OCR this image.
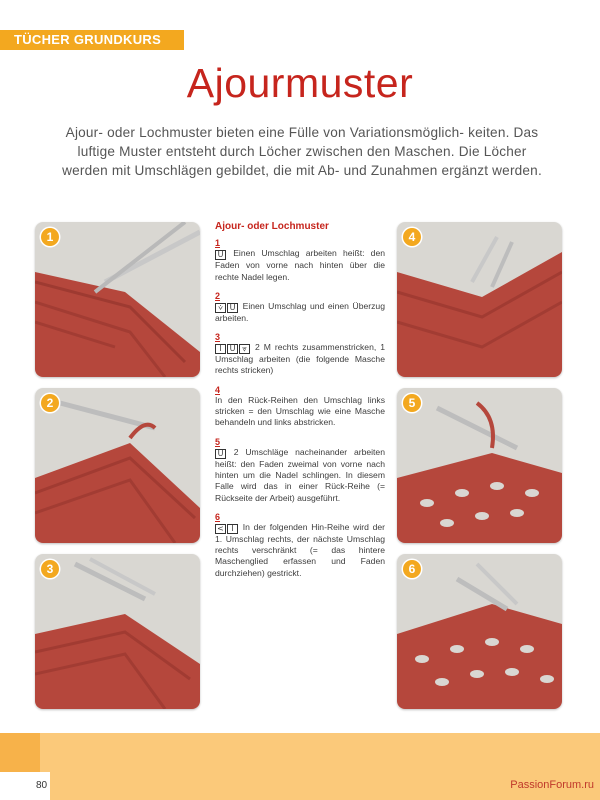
TÜCHER GRUNDKURS
Ajourmuster

Ajour- oder Lochmuster bieten eine Fülle von Variationsmöglich- keiten. Das luftige Muster entsteht durch Löcher zwischen den Maschen. Die Löcher werden mit Umschlägen gebildet, die mit Ab- und Zunahmen ergänzt werden.

1
2
3
4
5
6
Ajour- oder Lochmuster
1
U Einen Umschlag arbeiten heißt: den Faden von vorne nach hinten über die rechte Nadel legen.
2
⩒ U Einen Umschlag und einen Überzug arbeiten.
3
I U ⩔ 2 M rechts zusammenstricken, 1 Umschlag arbeiten (die folgende Masche rechts stricken)
4
In den Rück-Reihen den Umschlag links stricken = den Umschlag wie eine Masche behandeln und links abstricken.
5
U 2 Umschläge nacheinander arbeiten heißt: den Faden zweimal von vorne nach hinten um die Nadel schlingen. In diesem Falle wird das in einer Rück-Reihe (= Rückseite der Arbeit) ausgeführt.
6
< I In der folgenden Hin-Reihe wird der 1. Umschlag rechts, der nächste Umschlag rechts verschränkt (= das hintere Maschenglied erfassen und Faden durchziehen) gestrickt.
80	PassionForum.ru
